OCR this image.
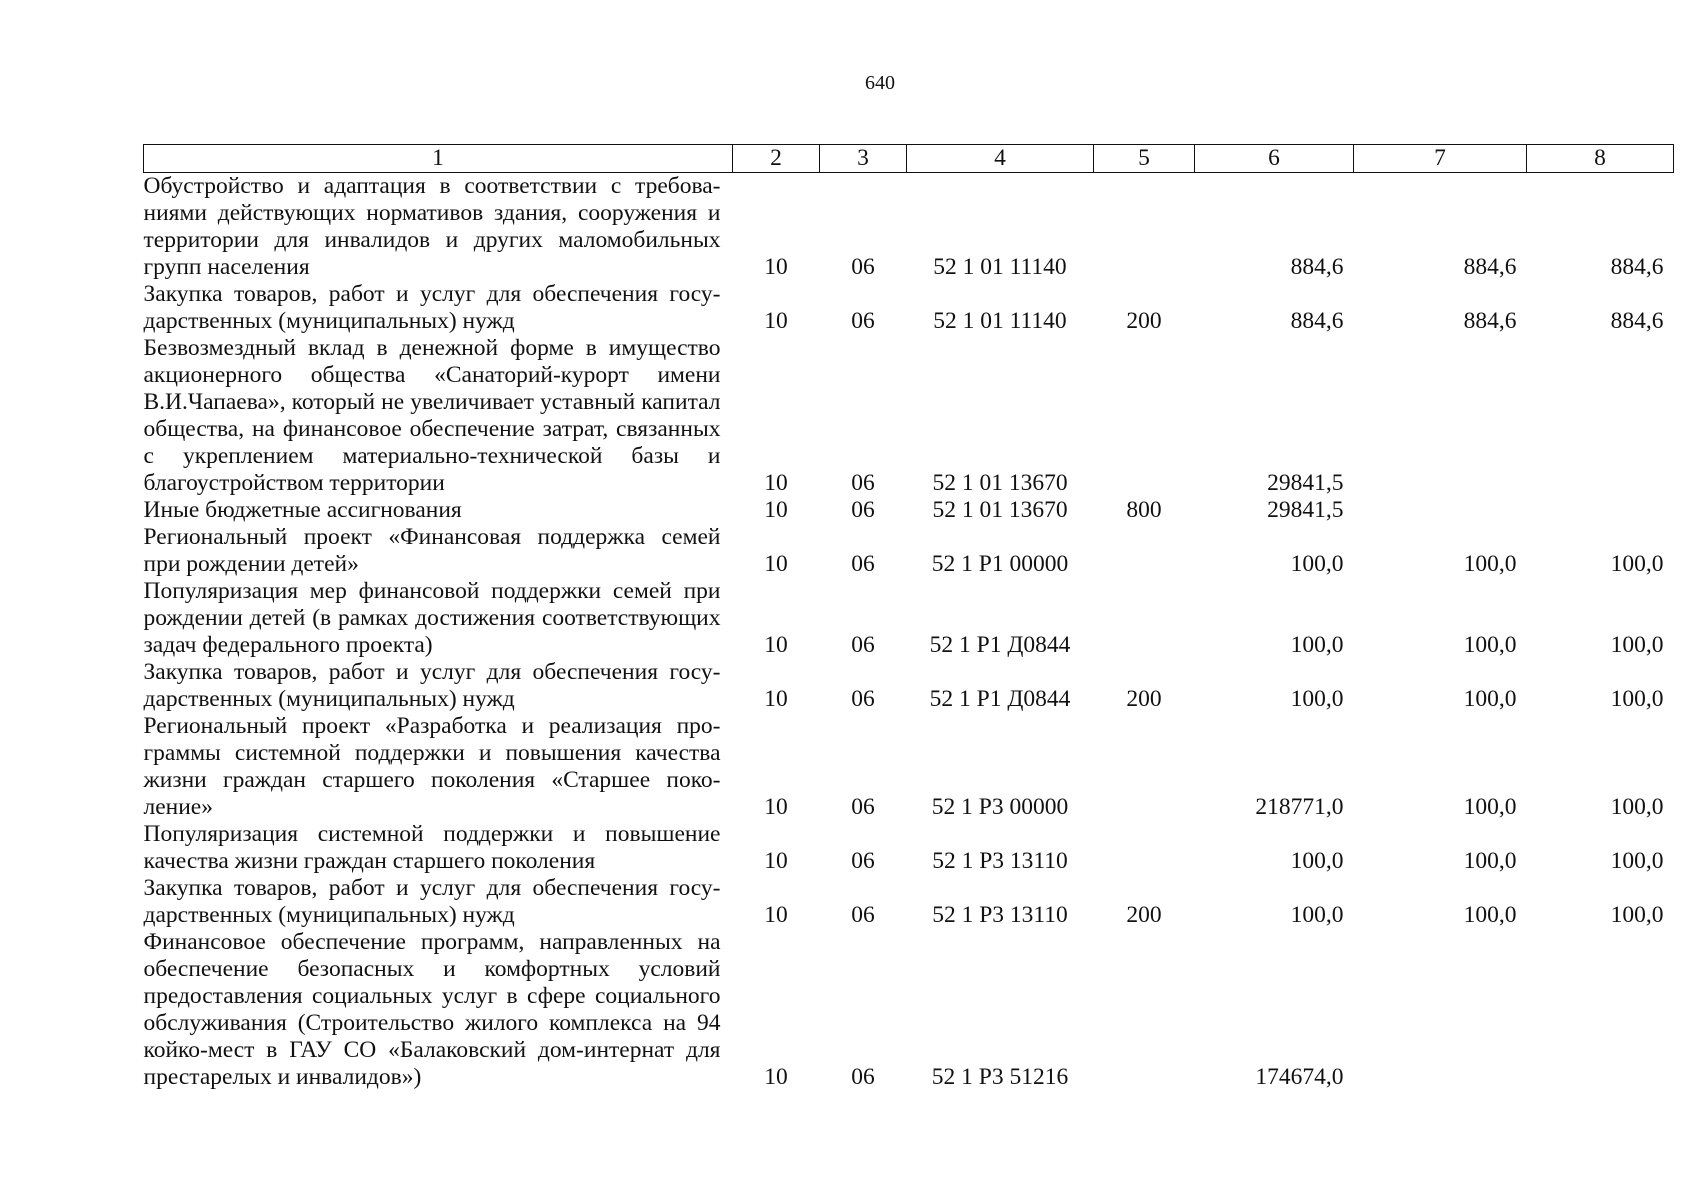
640
1	2	3	4	5	6	7	8
Обустройство и адаптация в соответствии с требованиями действующих нормативов здания, сооружения и территории для инвалидов и других маломобильных групп населения	10	06	52 1 01 11140		884,6	884,6	884,6
Закупка товаров, работ и услуг для обеспечения государственных (муниципальных) нужд	10	06	52 1 01 11140	200	884,6	884,6	884,6
Безвозмездный вклад в денежной форме в имущество акционерного общества «Санаторий-курорт имени В.И.Чапаева», который не увеличивает уставный капитал общества, на финансовое обеспечение затрат, связанных с укреплением материально-технической базы и благоустройством территории	10	06	52 1 01 13670		29841,5		
Иные бюджетные ассигнования	10	06	52 1 01 13670	800	29841,5		
Региональный проект «Финансовая поддержка семей при рождении детей»	10	06	52 1 P1 00000		100,0	100,0	100,0
Популяризация мер финансовой поддержки семей при рождении детей (в рамках достижения соответствующих задач федерального проекта)	10	06	52 1 P1 Д0844		100,0	100,0	100,0
Закупка товаров, работ и услуг для обеспечения государственных (муниципальных) нужд	10	06	52 1 P1 Д0844	200	100,0	100,0	100,0
Региональный проект «Разработка и реализация программы системной поддержки и повышения качества жизни граждан старшего поколения «Старшее поколение»	10	06	52 1 P3 00000		218771,0	100,0	100,0
Популяризация системной поддержки и повышение качества жизни граждан старшего поколения	10	06	52 1 P3 13110		100,0	100,0	100,0
Закупка товаров, работ и услуг для обеспечения государственных (муниципальных) нужд	10	06	52 1 P3 13110	200	100,0	100,0	100,0
Финансовое обеспечение программ, направленных на обеспечение безопасных и комфортных условий предоставления социальных услуг в сфере социального обслуживания (Строительство жилого комплекса на 94 койко-мест в ГАУ СО «Балаковский дом-интернат для престарелых и инвалидов»)	10	06	52 1 P3 51216		174674,0		
